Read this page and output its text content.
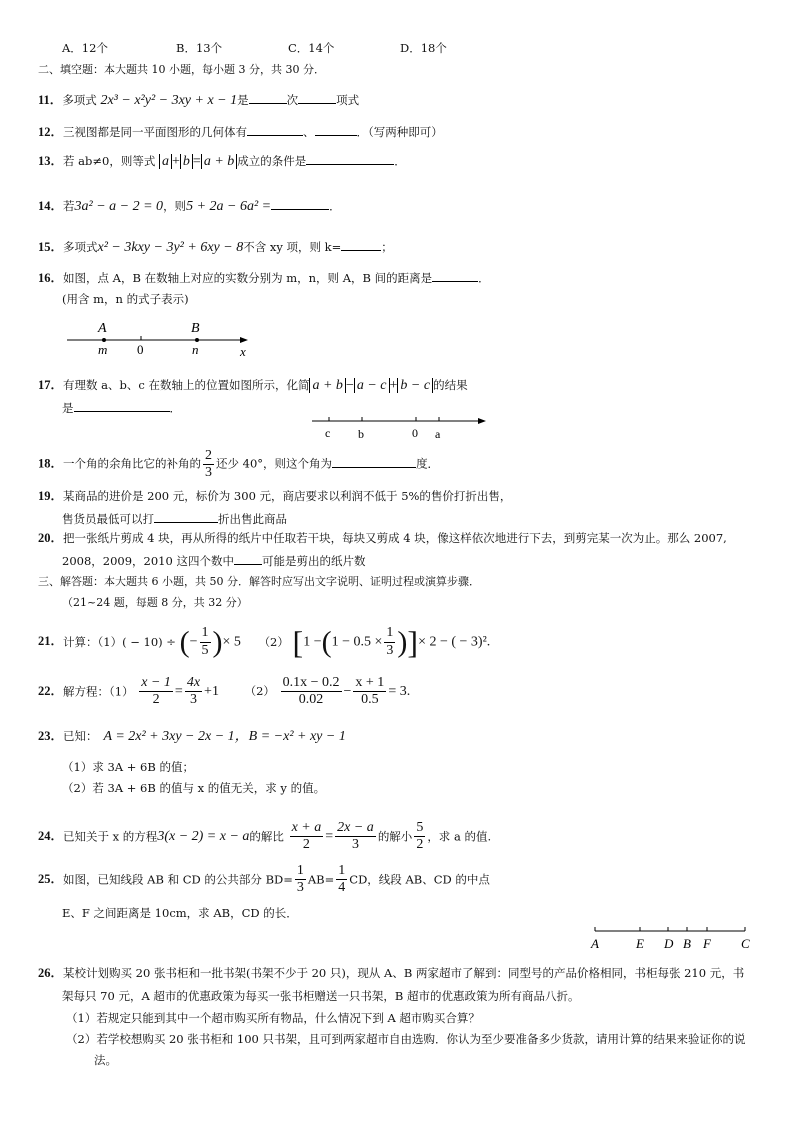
A．12个	B．13个	C．14个	D．18个
二、填空题：本大题共 10 小题，每小题 3 分，共 30 分．
11．多项式 2x³ − x²y² − 3xy + x − 1是	次	项式
12．三视图都是同一平面图形的几何体有	、	．（写两种即可）
13．若 ab≠0，则等式 a + b = a + b 成立的条件是	．
14．若3a² − a − 2 = 0，则5 + 2a − 6a² =	．
15．多项式x² − 3kxy − 3y² + 6xy − 8不含 xy 项，则 k=	；
16．如图，点 A，B 在数轴上对应的实数分别为 m，n，则 A，B 间的距离是	．
(用含 m，n 的式子表示)
A	B
m 0	n	x
17．有理数 a、b、c 在数轴上的位置如图所示，化简 a + b − a − c + b − c 的结果
是	．
c b	0 a
18．一个角的余角比它的补角的 $\frac{2}{3}$ 还少 40°，则这个角为	度．
19．某商品的进价是 200 元，标价为 300 元，商店要求以利润不低于 5%的售价打折出售，
售货员最低可以打	折出售此商品
20．把一张纸片剪成 4 块，再从所得的纸片中任取若干块，每块又剪成 4 块，像这样依次地进行下去，到剪完某一次为止。那么 2007,
2008，2009，2010 这四个数中 可能是剪出的纸片数
三、解答题：本大题共 6 小题，共 50 分．解答时应写出文字说明、证明过程或演算步骤．
（21~24 题，每题 8 分，共 32 分）
21．计算：（1）( − 10) ÷ (− $\frac{1}{5}$ )× 5 （2） [$1 -(1 - 0.5 \times \frac{1}{3}$ )]× 2 − ( − 3)².
22．解方程：$(1) \frac{x - 1}{2} = \frac{4x}{3} +1$ $(2) \frac{0.1x - 0.2}{0.02} - \frac{x + 1}{0.5} = 3$.
23．已知： A = 2x² + 3xy − 2x − 1，B = −x² + xy − 1
（1）求 3A + 6B 的值；
（2）若 3A + 6B 的值与 x 的值无关，求 y 的值。
24．已知关于 x 的方程3(x − 2) = x − a的解比 $\frac{x + a}{2} = \frac{2x - a}{3}$ 的解小 $\frac{5}{2}$ ，求 a 的值.
25．如图，已知线段 AB 和 CD 的公共部分 $BD= \frac{1}{3} AB= \frac{1}{4}$ CD，线段 AB、CD 的中点
E、F 之间距离是 10cm，求 AB，CD 的长．
A	E D B F C
26．某校计划购买 20 张书柜和一批书架(书架不少于 20 只)，现从 A、B 两家超市了解到：同型号的产品价格相同，书柜每张 210 元，书
架每只 70 元，A 超市的优惠政策为每买一张书柜赠送一只书架，B 超市的优惠政策为所有商品八折。
（1）若规定只能到其中一个超市购买所有物品，什么情况下到 A 超市购买合算？
（2）若学校想购买 20 张书柜和 100 只书架，且可到两家超市自由选购．你认为至少要准备多少货款，请用计算的结果来验证你的说
法。
